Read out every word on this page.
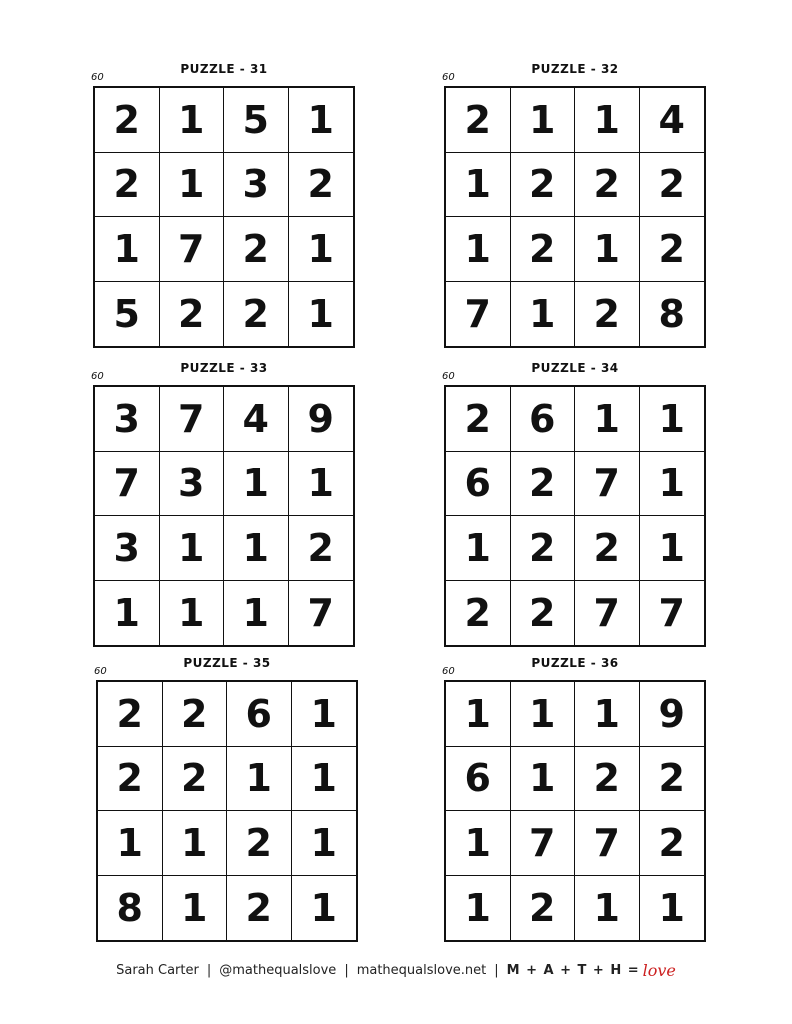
PUZZLE - 31
60
2	1	5	1
2	1	3	2
1	7	2	1
5	2	2	1
PUZZLE - 32
60
2	1	1	4
1	2	2	2
1	2	1	2
7	1	2	8
PUZZLE - 33
60
3	7	4	9
7	3	1	1
3	1	1	2
1	1	1	7
PUZZLE - 34
60
2	6	1	1
6	2	7	1
1	2	2	1
2	2	7	7
PUZZLE - 35
60
2	2	6	1
2	2	1	1
1	1	2	1
8	1	2	1
PUZZLE - 36
60
1	1	1	9
6	1	2	2
1	7	7	2
1	2	1	1
Sarah Carter | @mathequalslove | mathequalslove.net | M + A + T + H = love
